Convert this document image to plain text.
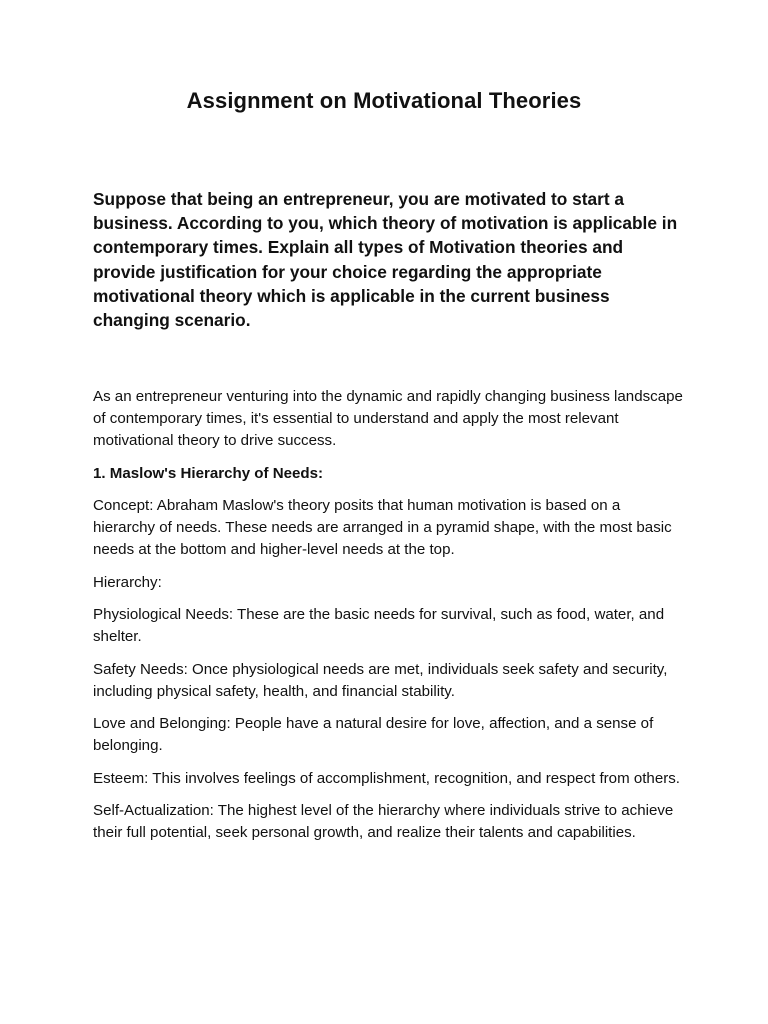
Assignment on Motivational Theories

Suppose that being an entrepreneur, you are motivated to start a business. According to you, which theory of motivation is applicable in contemporary times. Explain all types of Motivation theories and provide justification for your choice regarding the appropriate motivational theory which is applicable in the current business changing scenario.

As an entrepreneur venturing into the dynamic and rapidly changing business landscape of contemporary times, it's essential to understand and apply the most relevant motivational theory to drive success.

1. Maslow's Hierarchy of Needs:

Concept: Abraham Maslow's theory posits that human motivation is based on a hierarchy of needs. These needs are arranged in a pyramid shape, with the most basic needs at the bottom and higher-level needs at the top.

Hierarchy:

Physiological Needs: These are the basic needs for survival, such as food, water, and shelter.

Safety Needs: Once physiological needs are met, individuals seek safety and security, including physical safety, health, and financial stability.

Love and Belonging: People have a natural desire for love, affection, and a sense of belonging.

Esteem: This involves feelings of accomplishment, recognition, and respect from others.

Self-Actualization: The highest level of the hierarchy where individuals strive to achieve their full potential, seek personal growth, and realize their talents and capabilities.
